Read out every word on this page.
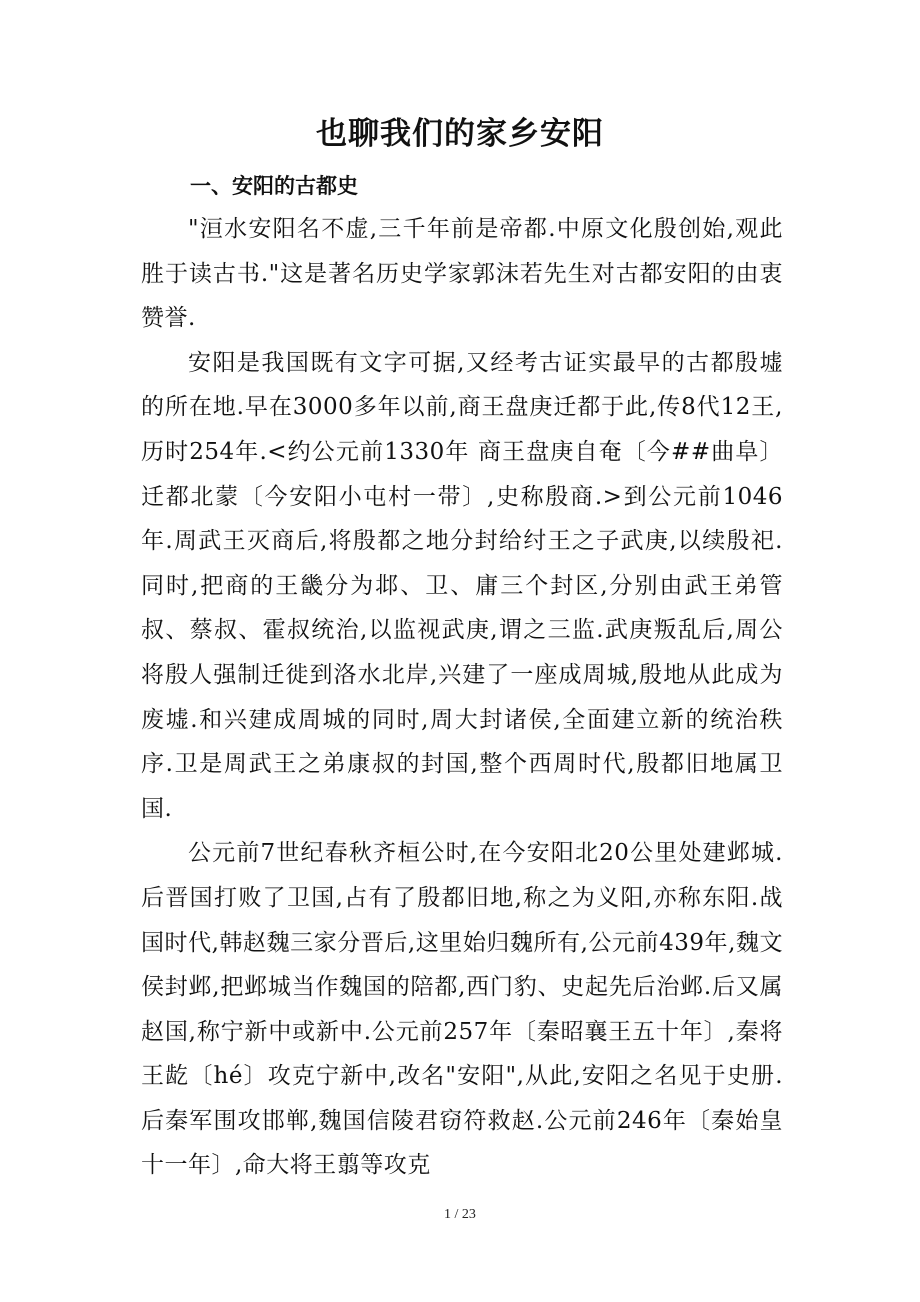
也聊我们的家乡安阳
一、安阳的古都史

"洹水安阳名不虚,三千年前是帝都.中原文化殷创始,观此胜于读古书."这是著名历史学家郭沫若先生对古都安阳的由衷赞誉.

安阳是我国既有文字可据,又经考古证实最早的古都殷墟的所在地.早在3000多年以前,商王盘庚迁都于此,传8代12王,历时254年.<约公元前1330年 商王盘庚自奄〔今##曲阜〕迁都北蒙〔今安阳小屯村一带〕,史称殷商.>到公元前1046年.周武王灭商后,将殷都之地分封给纣王之子武庚,以续殷祀.同时,把商的王畿分为邶、卫、庸三个封区,分别由武王弟管叔、蔡叔、霍叔统治,以监视武庚,谓之三监.武庚叛乱后,周公将殷人强制迁徙到洛水北岸,兴建了一座成周城,殷地从此成为废墟.和兴建成周城的同时,周大封诸侯,全面建立新的统治秩序.卫是周武王之弟康叔的封国,整个西周时代,殷都旧地属卫国.

公元前7世纪春秋齐桓公时,在今安阳北20公里处建邺城.后晋国打败了卫国,占有了殷都旧地,称之为义阳,亦称东阳.战国时代,韩赵魏三家分晋后,这里始归魏所有,公元前439年,魏文侯封邺,把邺城当作魏国的陪都,西门豹、史起先后治邺.后又属赵国,称宁新中或新中.公元前257年〔秦昭襄王五十年〕,秦将王龁〔hé〕攻克宁新中,改名"安阳",从此,安阳之名见于史册.后秦军围攻邯郸,魏国信陵君窃符救赵.公元前246年〔秦始皇十一年〕,命大将王翦等攻克

1 / 23
